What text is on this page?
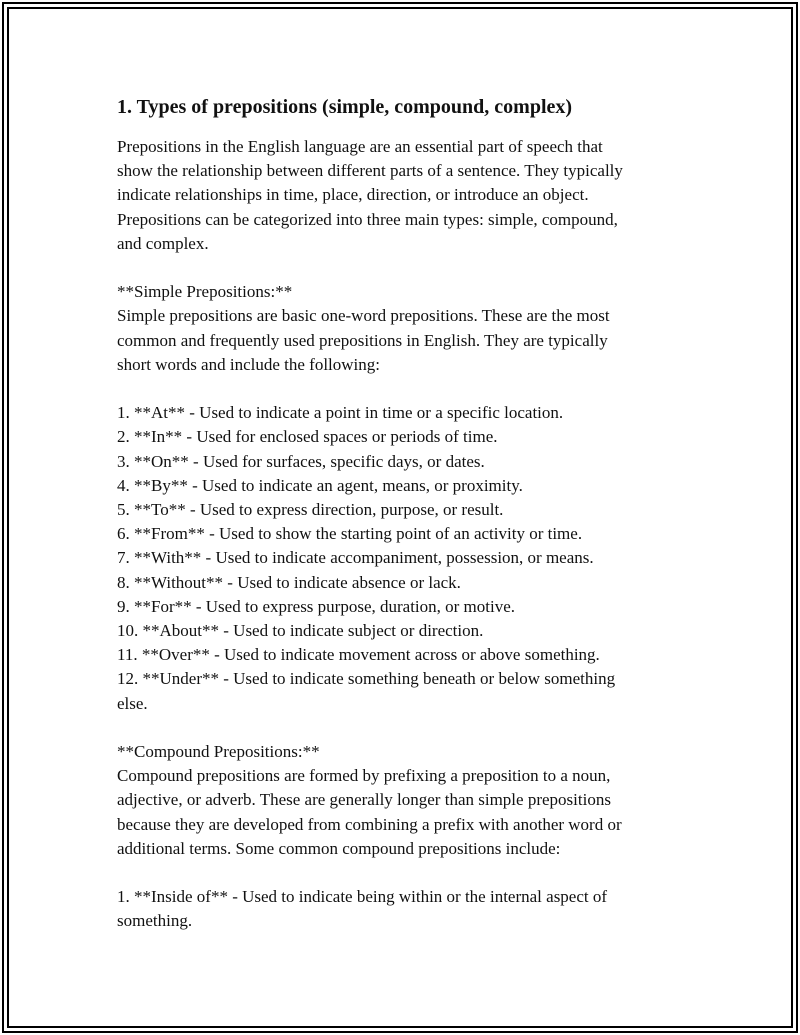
1. Types of prepositions (simple, compound, complex)
Prepositions in the English language are an essential part of speech that
show the relationship between different parts of a sentence. They typically
indicate relationships in time, place, direction, or introduce an object.
Prepositions can be categorized into three main types: simple, compound,
and complex.
**Simple Prepositions:**
Simple prepositions are basic one-word prepositions. These are the most
common and frequently used prepositions in English. They are typically
short words and include the following:
1. **At** - Used to indicate a point in time or a specific location.
2. **In** - Used for enclosed spaces or periods of time.
3. **On** - Used for surfaces, specific days, or dates.
4. **By** - Used to indicate an agent, means, or proximity.
5. **To** - Used to express direction, purpose, or result.
6. **From** - Used to show the starting point of an activity or time.
7. **With** - Used to indicate accompaniment, possession, or means.
8. **Without** - Used to indicate absence or lack.
9. **For** - Used to express purpose, duration, or motive.
10. **About** - Used to indicate subject or direction.
11. **Over** - Used to indicate movement across or above something.
12. **Under** - Used to indicate something beneath or below something
else.
**Compound Prepositions:**
Compound prepositions are formed by prefixing a preposition to a noun,
adjective, or adverb. These are generally longer than simple prepositions
because they are developed from combining a prefix with another word or
additional terms. Some common compound prepositions include:
1. **Inside of** - Used to indicate being within or the internal aspect of
something.
